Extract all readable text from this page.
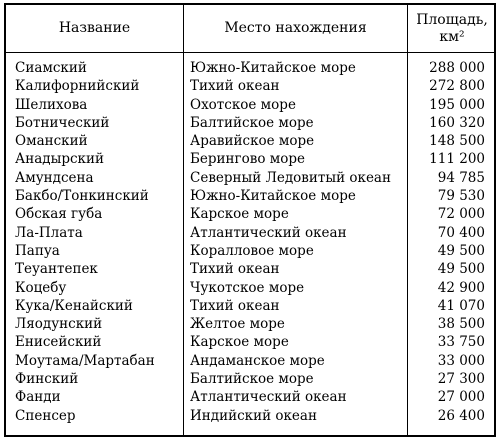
Название	Место нахождения
Площадь,
км²
Сиамский	Южно-Китайское море	288 000
Калифорнийский	Тихий океан	272 800
Шелихова	Охотское море	195 000
Ботнический	Балтийское море	160 320
Оманский	Аравийское море	148 500
Анадырский	Берингово море	111 200
Амундсена	Северный Ледовитый океан	94 785
Бакбо/Тонкинский	Южно-Китайское море	79 530
Обская губа	Карское море	72 000
Ла-Плата	Атлантический океан	70 400
Папуа	Коралловое море	49 500
Теуантепек	Тихий океан	49 500
Коцебу	Чукотское море	42 900
Кука/Кенайский	Тихий океан	41 070
Ляодунский	Желтое море	38 500
Енисейский	Карское море	33 750
Моутама/Мартабан	Андаманское море	33 000
Финский	Балтийское море	27 300
Фанди	Атлантический океан	27 000
Спенсер	Индийский океан	26 400
